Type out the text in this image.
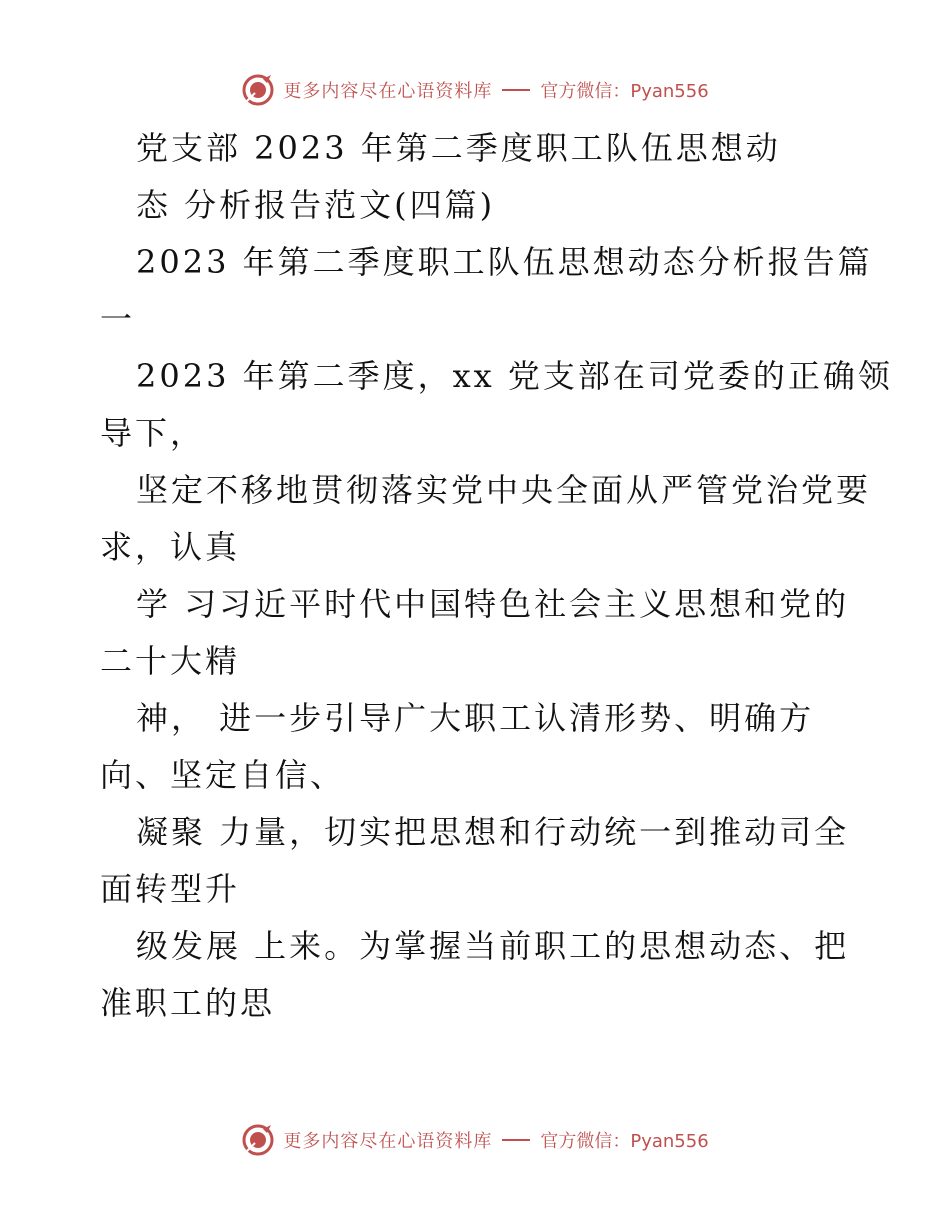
更多内容尽在心语资料库	官方微信：Pyan556
党支部 2023 年第二季度职工队伍思想动
态 分析报告范文(四篇)
2023 年第二季度职工队伍思想动态分析报告篇
一
2023 年第二季度，xx 党支部在司党委的正确领
导下，
坚定不移地贯彻落实党中央全面从严管党治党要
求，认真
学 习习近平时代中国特色社会主义思想和党的
二十大精
神， 进一步引导广大职工认清形势、明确方
向、坚定自信、
凝聚 力量，切实把思想和行动统一到推动司全
面转型升
级发展 上来。为掌握当前职工的思想动态、把
准职工的思
更多内容尽在心语资料库	官方微信：Pyan556
